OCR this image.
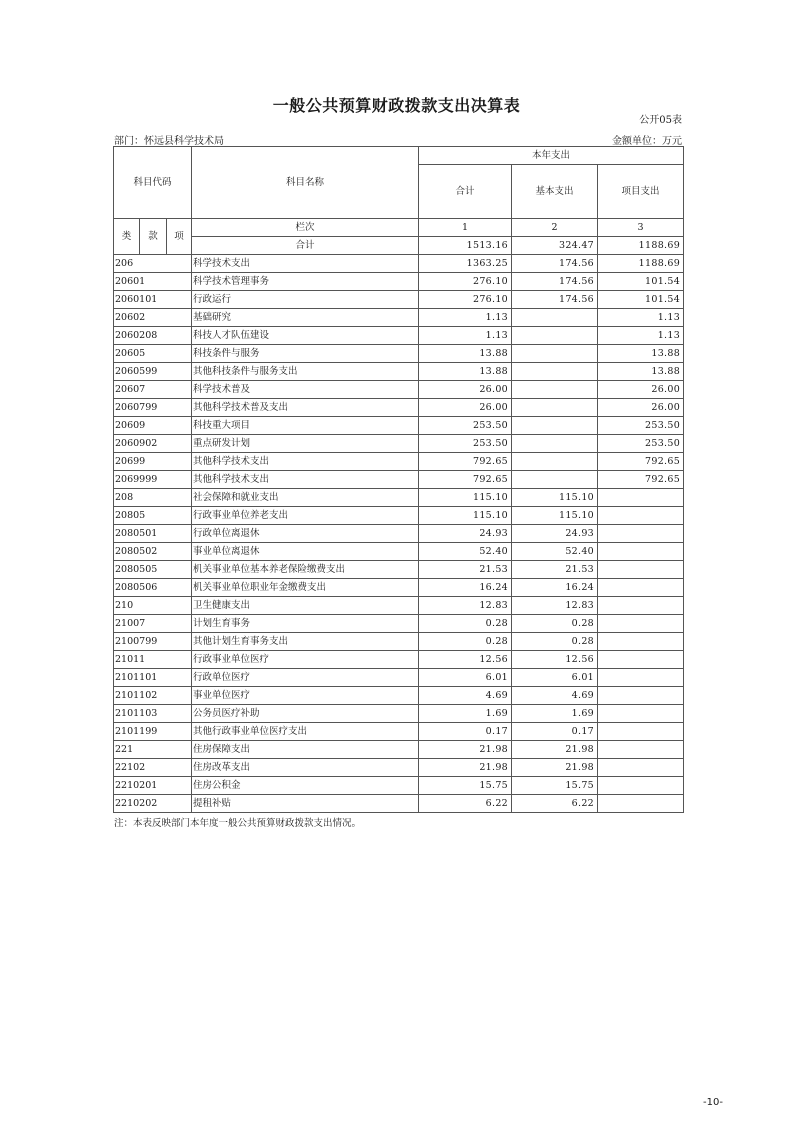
一般公共预算财政拨款支出决算表
公开05表
部门：怀远县科学技术局	金额单位：万元
科目代码			科目名称	本年支出		
				合计	基本支出	项目支出

类	款	项	栏次	1	2	3
			合计	1513.16	324.47	1188.69
206			科学技术支出	1363.25	174.56	1188.69
20601			科学技术管理事务	276.10	174.56	101.54
2060101			行政运行	276.10	174.56	101.54
20602			基础研究	1.13		1.13
2060208			科技人才队伍建设	1.13		1.13
20605			科技条件与服务	13.88		13.88
2060599			其他科技条件与服务支出	13.88		13.88
20607			科学技术普及	26.00		26.00
2060799			其他科学技术普及支出	26.00		26.00
20609			科技重大项目	253.50		253.50
2060902			重点研发计划	253.50		253.50
20699			其他科学技术支出	792.65		792.65
2069999			其他科学技术支出	792.65		792.65
208			社会保障和就业支出	115.10	115.10	
20805			行政事业单位养老支出	115.10	115.10	
2080501			行政单位离退休	24.93	24.93	
2080502			事业单位离退休	52.40	52.40	
2080505			机关事业单位基本养老保险缴费支出	21.53	21.53	
2080506			机关事业单位职业年金缴费支出	16.24	16.24	
210			卫生健康支出	12.83	12.83	
21007			计划生育事务	0.28	0.28	
2100799			其他计划生育事务支出	0.28	0.28	
21011			行政事业单位医疗	12.56	12.56	
2101101			行政单位医疗	6.01	6.01	
2101102			事业单位医疗	4.69	4.69	
2101103			公务员医疗补助	1.69	1.69	
2101199			其他行政事业单位医疗支出	0.17	0.17	
221			住房保障支出	21.98	21.98	
22102			住房改革支出	21.98	21.98	
2210201			住房公积金	15.75	15.75	
2210202			提租补贴	6.22	6.22	
注：本表反映部门本年度一般公共预算财政拨款支出情况。
-10-
